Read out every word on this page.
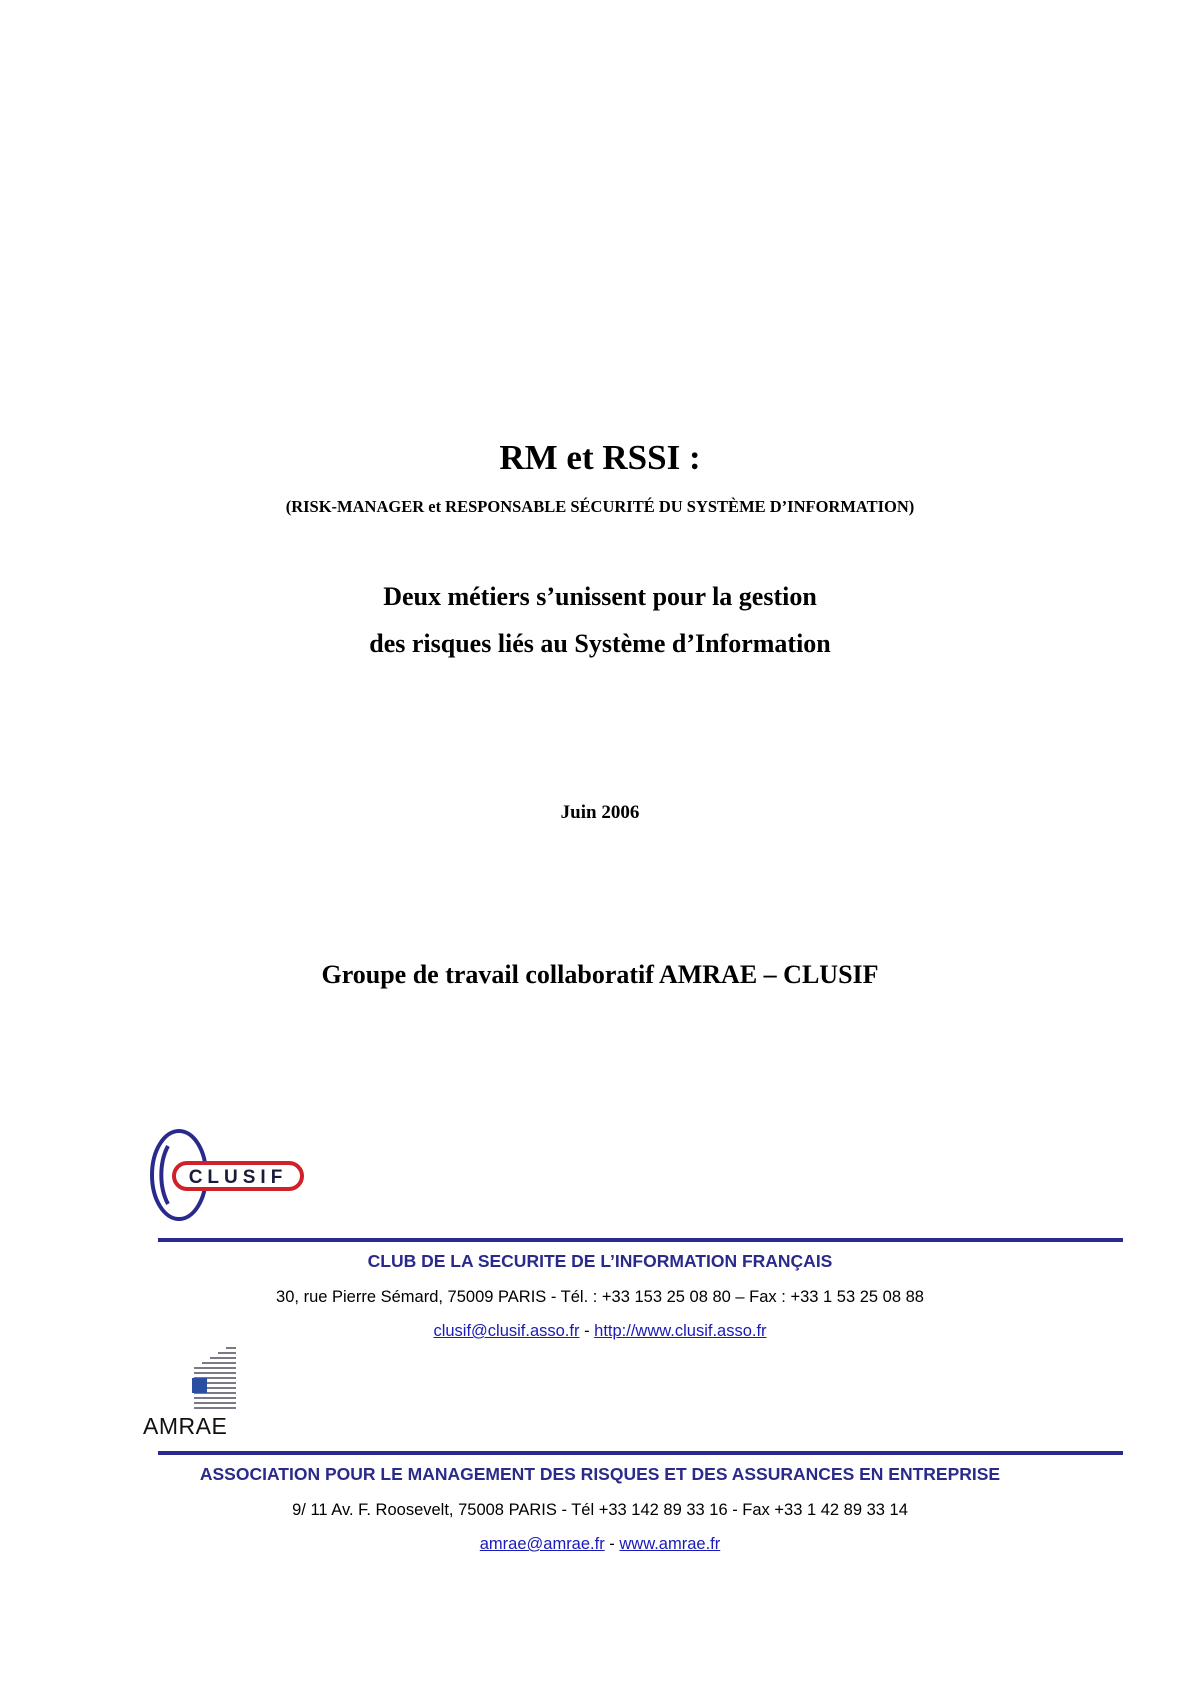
RM et RSSI :
(RISK-MANAGER et RESPONSABLE SÉCURITÉ DU SYSTÈME D’INFORMATION)
Deux métiers s’unissent pour la gestion
des risques liés au Système d’Information
Juin 2006
Groupe de travail collaboratif AMRAE – CLUSIF
CLUSIF
CLUB DE LA SECURITE DE L’INFORMATION FRANÇAIS
30, rue Pierre Sémard, 75009 PARIS - Tél. : +33 153 25 08 80 – Fax : +33 1 53 25 08 88
clusif@clusif.asso.fr - http://www.clusif.asso.fr
AMRAE
ASSOCIATION POUR LE MANAGEMENT DES RISQUES ET DES ASSURANCES EN ENTREPRISE
9/ 11 Av. F. Roosevelt, 75008 PARIS - Tél +33 142 89 33 16 - Fax +33 1 42 89 33 14
amrae@amrae.fr - www.amrae.fr
